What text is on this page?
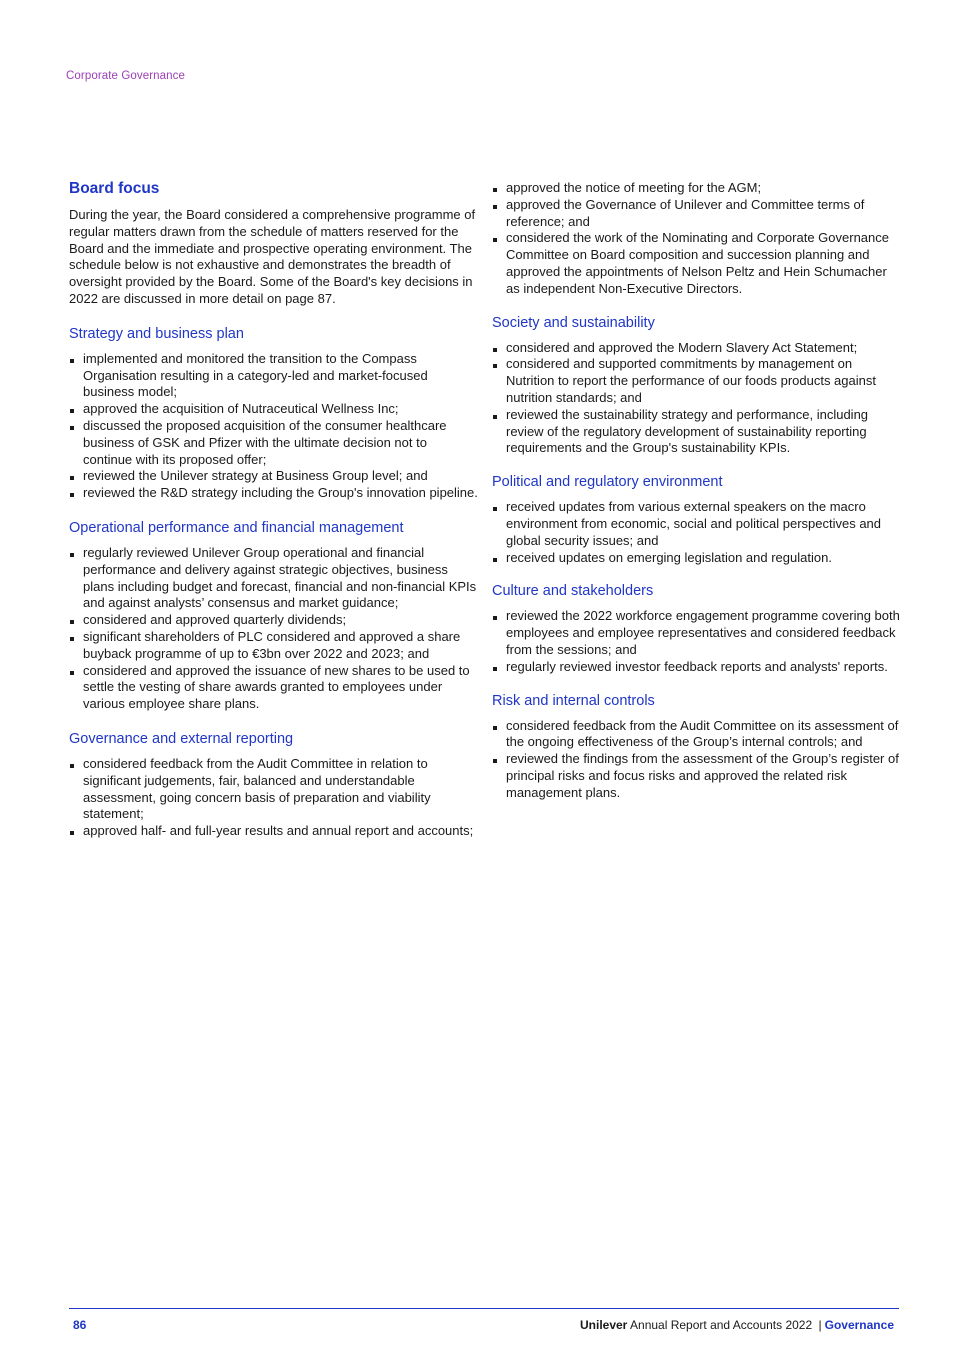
Corporate Governance
Board focus

During the year, the Board considered a comprehensive programme of regular matters drawn from the schedule of matters reserved for the Board and the immediate and prospective operating environment. The schedule below is not exhaustive and demonstrates the breadth of oversight provided by the Board. Some of the Board's key decisions in 2022 are discussed in more detail on page 87.

Strategy and business plan
implemented and monitored the transition to the Compass Organisation resulting in a category-led and market-focused business model;
approved the acquisition of Nutraceutical Wellness Inc;
discussed the proposed acquisition of the consumer healthcare business of GSK and Pfizer with the ultimate decision not to continue with its proposed offer;
reviewed the Unilever strategy at Business Group level; and
reviewed the R&D strategy including the Group's innovation pipeline.
Operational performance and financial management
regularly reviewed Unilever Group operational and financial performance and delivery against strategic objectives, business plans including budget and forecast, financial and non-financial KPIs and against analysts’ consensus and market guidance;
considered and approved quarterly dividends;
significant shareholders of PLC considered and approved a share buyback programme of up to €3bn over 2022 and 2023; and
considered and approved the issuance of new shares to be used to settle the vesting of share awards granted to employees under various employee share plans.
Governance and external reporting
considered feedback from the Audit Committee in relation to significant judgements, fair, balanced and understandable assessment, going concern basis of preparation and viability statement;
approved half- and full-year results and annual report and accounts;
approved the notice of meeting for the AGM;
approved the Governance of Unilever and Committee terms of reference; and
considered the work of the Nominating and Corporate Governance Committee on Board composition and succession planning and approved the appointments of Nelson Peltz and Hein Schumacher as independent Non-Executive Directors.
Society and sustainability
considered and approved the Modern Slavery Act Statement;
considered and supported commitments by management on Nutrition to report the performance of our foods products against nutrition standards; and
reviewed the sustainability strategy and performance, including review of the regulatory development of sustainability reporting requirements and the Group's sustainability KPIs.
Political and regulatory environment
received updates from various external speakers on the macro environment from economic, social and political perspectives and global security issues; and
received updates on emerging legislation and regulation.
Culture and stakeholders
reviewed the 2022 workforce engagement programme covering both employees and employee representatives and considered feedback from the sessions; and
regularly reviewed investor feedback reports and analysts' reports.
Risk and internal controls
considered feedback from the Audit Committee on its assessment of the ongoing effectiveness of the Group’s internal controls; and
reviewed the findings from the assessment of the Group’s register of principal risks and focus risks and approved the related risk management plans.
86	Unilever Annual Report and Accounts 2022 | Governance
